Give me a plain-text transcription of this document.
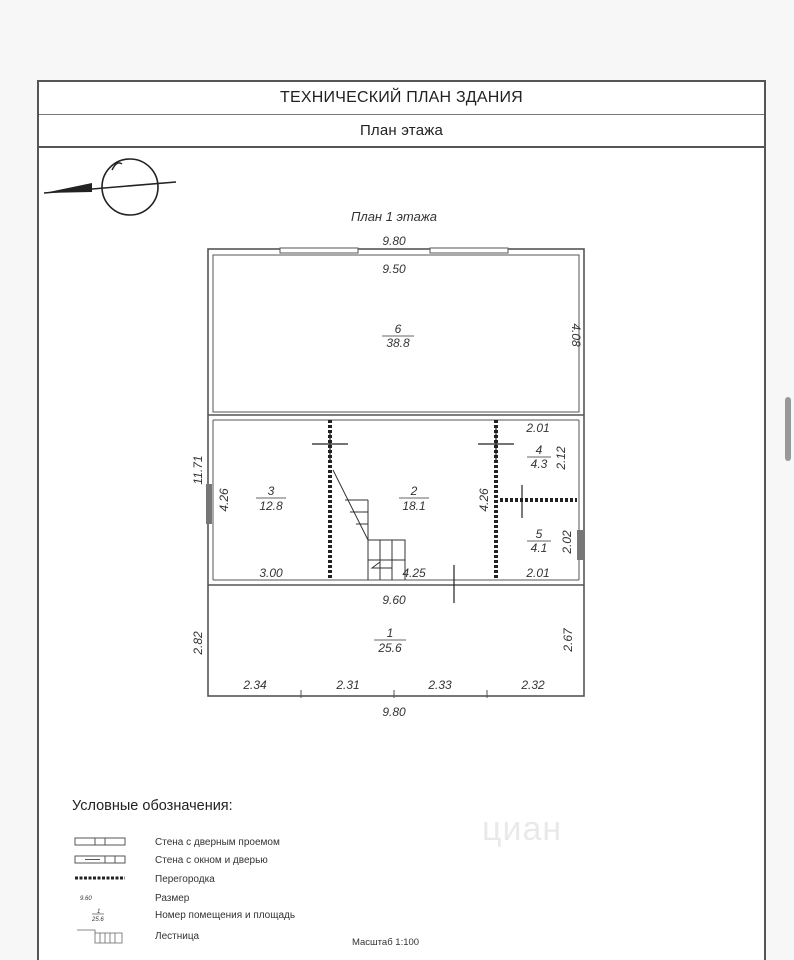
ТЕХНИЧЕСКИЙ ПЛАН ЗДАНИЯ
План этажа
циан
План 1 этажа
9.80
9.50
4.08
11.71
4.26
3.00
4.26
4.25
2.01
2.12
2.02
2.01
9.60
2.82	2.67
2.34	2.31	2.33	2.32
9.80
6
38.8
3
12.8
2
18.1
4
4.3
5
4.1
1
25.6
9.60
1
25.6
Условные обозначения:
Стена с дверным проемом
Стена с окном и дверью
Перегородка
Размер
Номер помещения и площадь
Лестница
Масштаб 1:100
